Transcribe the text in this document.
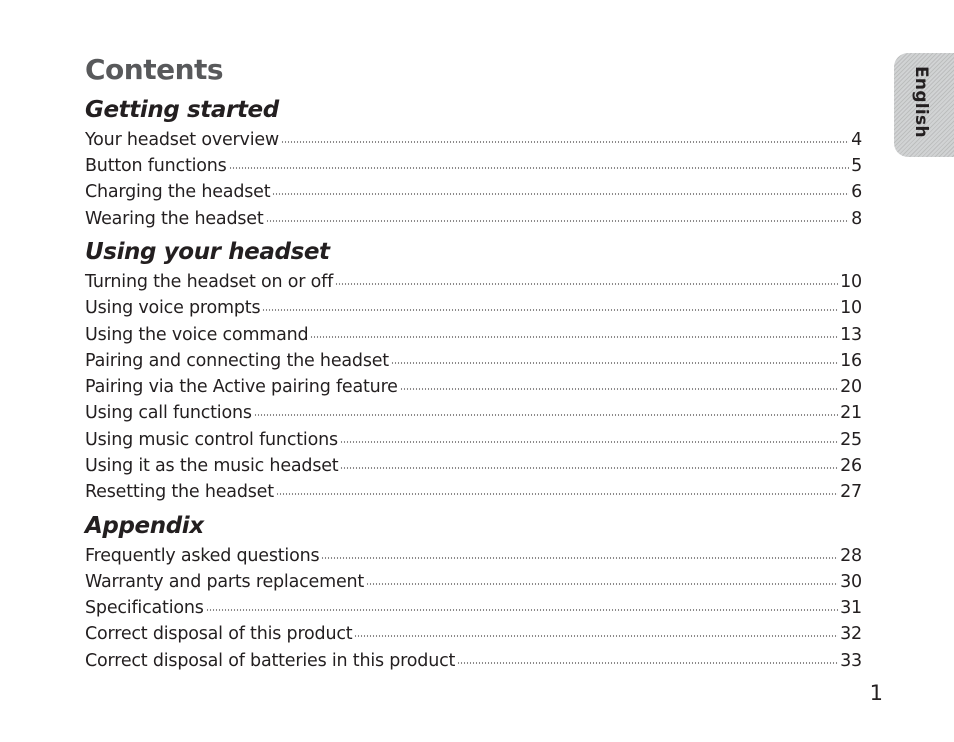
Contents
Getting started
Your headset overview	4
Button functions	5
Charging the headset	6
Wearing the headset	8
Using your headset
Turning the headset on or off	10
Using voice prompts	10
Using the voice command	13
Pairing and connecting the headset	16
Pairing via the Active pairing feature	20
Using call functions	21
Using music control functions	25
Using it as the music headset	26
Resetting the headset	27
Appendix
Frequently asked questions	28
Warranty and parts replacement	30
Specifications	31
Correct disposal of this product	32
Correct disposal of batteries in this product	33
English
1
